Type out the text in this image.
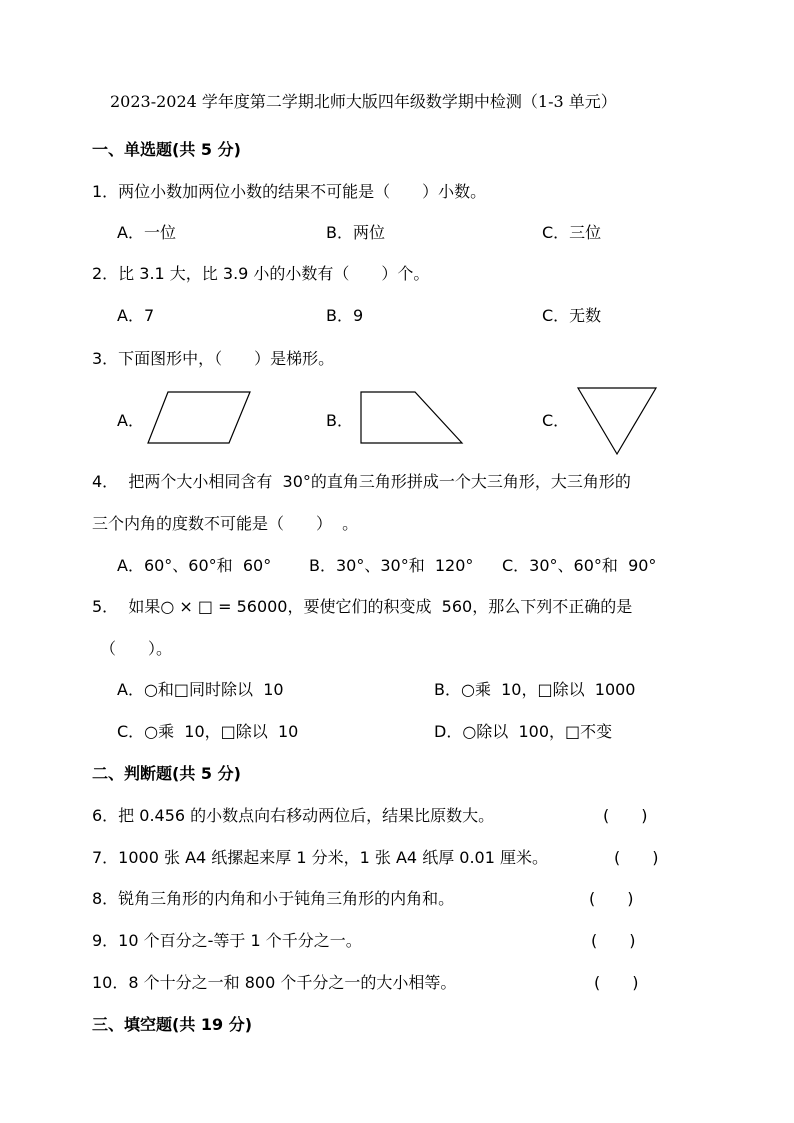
2023-2024 学年度第二学期北师大版四年级数学期中检测（1-3 单元）
一、单选题(共 5 分)
1．两位小数加两位小数的结果不可能是（　　）小数。
A．一位	B．两位	C．三位
2．比 3.1 大，比 3.9 小的小数有（　　）个。
A．7	B．9	C．无数
3．下面图形中，（　　）是梯形。
A．	B．	C．
4．  把两个大小相同含有  30°的直角三角形拼成一个大三角形，大三角形的
三个内角的度数不可能是（　　）  。
A．60°、60°和  60° B．30°、30°和  120° C．30°、60°和  90°
5．  如果○ × □ = 56000，要使它们的积变成  560，那么下列不正确的是
（　　）。
A．○和□同时除以  10	B．○乘  10，□除以  1000
C．○乘  10，□除以  10	D．○除以  100，□不变
二、判断题(共 5 分)
6．把 0.456 的小数点向右移动两位后，结果比原数大。	(　　)
7．1000 张 A4 纸摞起来厚 1 分米，1 张 A4 纸厚 0.01 厘米。	(　　)
8．锐角三角形的内角和小于钝角三角形的内角和。	(　　)
9．10 个百分之-等于 1 个千分之一。	(　　)
10．8 个十分之一和 800 个千分之一的大小相等。	(　　)
三、填空题(共 19 分)
